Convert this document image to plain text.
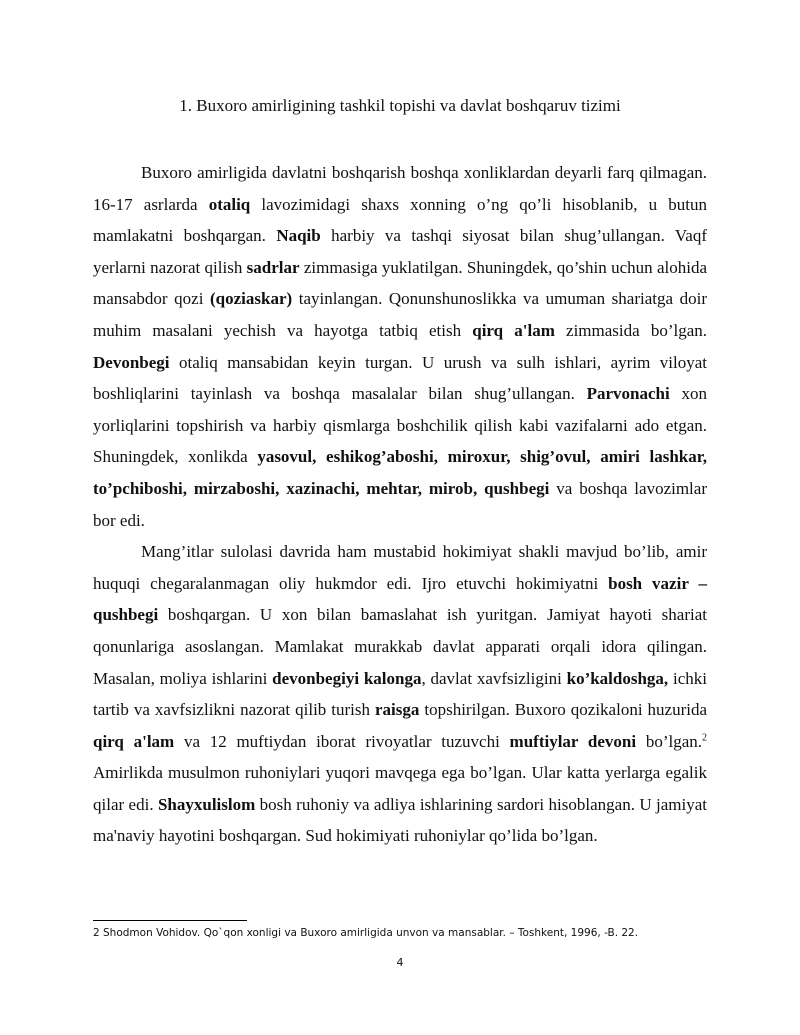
1. Buxoro amirligining tashkil topishi va davlat boshqaruv tizimi

Buxoro amirligida davlatni boshqarish boshqa xonliklardan deyarli farq qilmagan. 16-17 asrlarda otaliq lavozimidagi shaxs xonning o’ng qo’li hisoblanib, u butun mamlakatni boshqargan. Naqib harbiy va tashqi siyosat bilan shug’ullangan. Vaqf yerlarni nazorat qilish sadrlar zimmasiga yuklatilgan. Shuningdek, qo’shin uchun alohida mansabdor qozi (qoziaskar) tayinlangan. Qonunshunoslikka va umuman shariatga doir muhim masalani yechish va hayotga tatbiq etish qirq a'lam zimmasida bo’lgan. Devonbegi otaliq mansabidan keyin turgan. U urush va sulh ishlari, ayrim viloyat boshliqlarini tayinlash va boshqa masalalar bilan shug’ullangan. Parvonachi xon yorliqlarini topshirish va harbiy qismlarga boshchilik qilish kabi vazifalarni ado etgan. Shuningdek, xonlikda yasovul, eshikog’aboshi, miroxur, shig’ovul, amiri lashkar, to’pchiboshi, mirzaboshi, xazinachi, mehtar, mirob, qushbegi va boshqa lavozimlar bor edi.

Mang’itlar sulolasi davrida ham mustabid hokimiyat shakli mavjud bo’lib, amir huquqi chegaralanmagan oliy hukmdor edi. Ijro etuvchi hokimiyatni bosh vazir – qushbegi boshqargan. U xon bilan bamaslahat ish yuritgan. Jamiyat hayoti shariat qonunlariga asoslangan. Mamlakat murakkab davlat apparati orqali idora qilingan. Masalan, moliya ishlarini devonbegiyi kalonga, davlat xavfsizligini ko’kaldoshga, ichki tartib va xavfsizlikni nazorat qilib turish raisga topshirilgan. Buxoro qozikaloni huzurida qirq a'lam va 12 muftiydan iborat rivoyatlar tuzuvchi muftiylar devoni bo’lgan.$^2$ Amirlikda musulmon ruhoniylari yuqori mavqega ega bo’lgan. Ular katta yerlarga egalik qilar edi. Shayxulislom bosh ruhoniy va adliya ishlarining sardori hisoblangan. U jamiyat ma'naviy hayotini boshqargan. Sud hokimiyati ruhoniylar qo’lida bo’lgan.

2 Shodmon Vohidov. Qo`qon xonligi va Buxoro amirligida unvon va mansablar. – Toshkent, 1996, -B. 22.
4
